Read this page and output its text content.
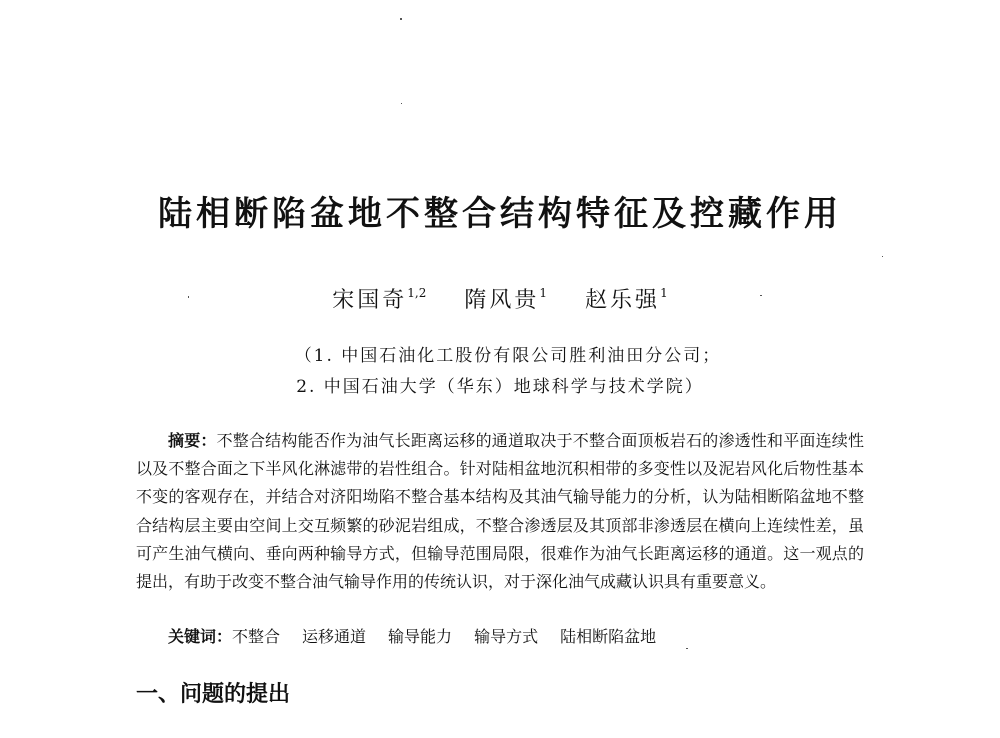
陆相断陷盆地不整合结构特征及控藏作用
宋国奇$^{1,2}$ 隋风贵$^1$ 赵乐强$^1$
（1. 中国石油化工股份有限公司胜利油田分公司；
2. 中国石油大学（华东）地球科学与技术学院）

摘要：不整合结构能否作为油气长距离运移的通道取决于不整合面顶板岩石的渗透性和平面连续性以及不整合面之下半风化淋滤带的岩性组合。针对陆相盆地沉积相带的多变性以及泥岩风化后物性基本不变的客观存在，并结合对济阳坳陷不整合基本结构及其油气输导能力的分析，认为陆相断陷盆地不整合结构层主要由空间上交互频繁的砂泥岩组成，不整合渗透层及其顶部非渗透层在横向上连续性差，虽可产生油气横向、垂向两种输导方式，但输导范围局限，很难作为油气长距离运移的通道。这一观点的提出，有助于改变不整合油气输导作用的传统认识，对于深化油气成藏认识具有重要意义。

关键词：不整合 运移通道 输导能力 输导方式 陆相断陷盆地
一、问题的提出
